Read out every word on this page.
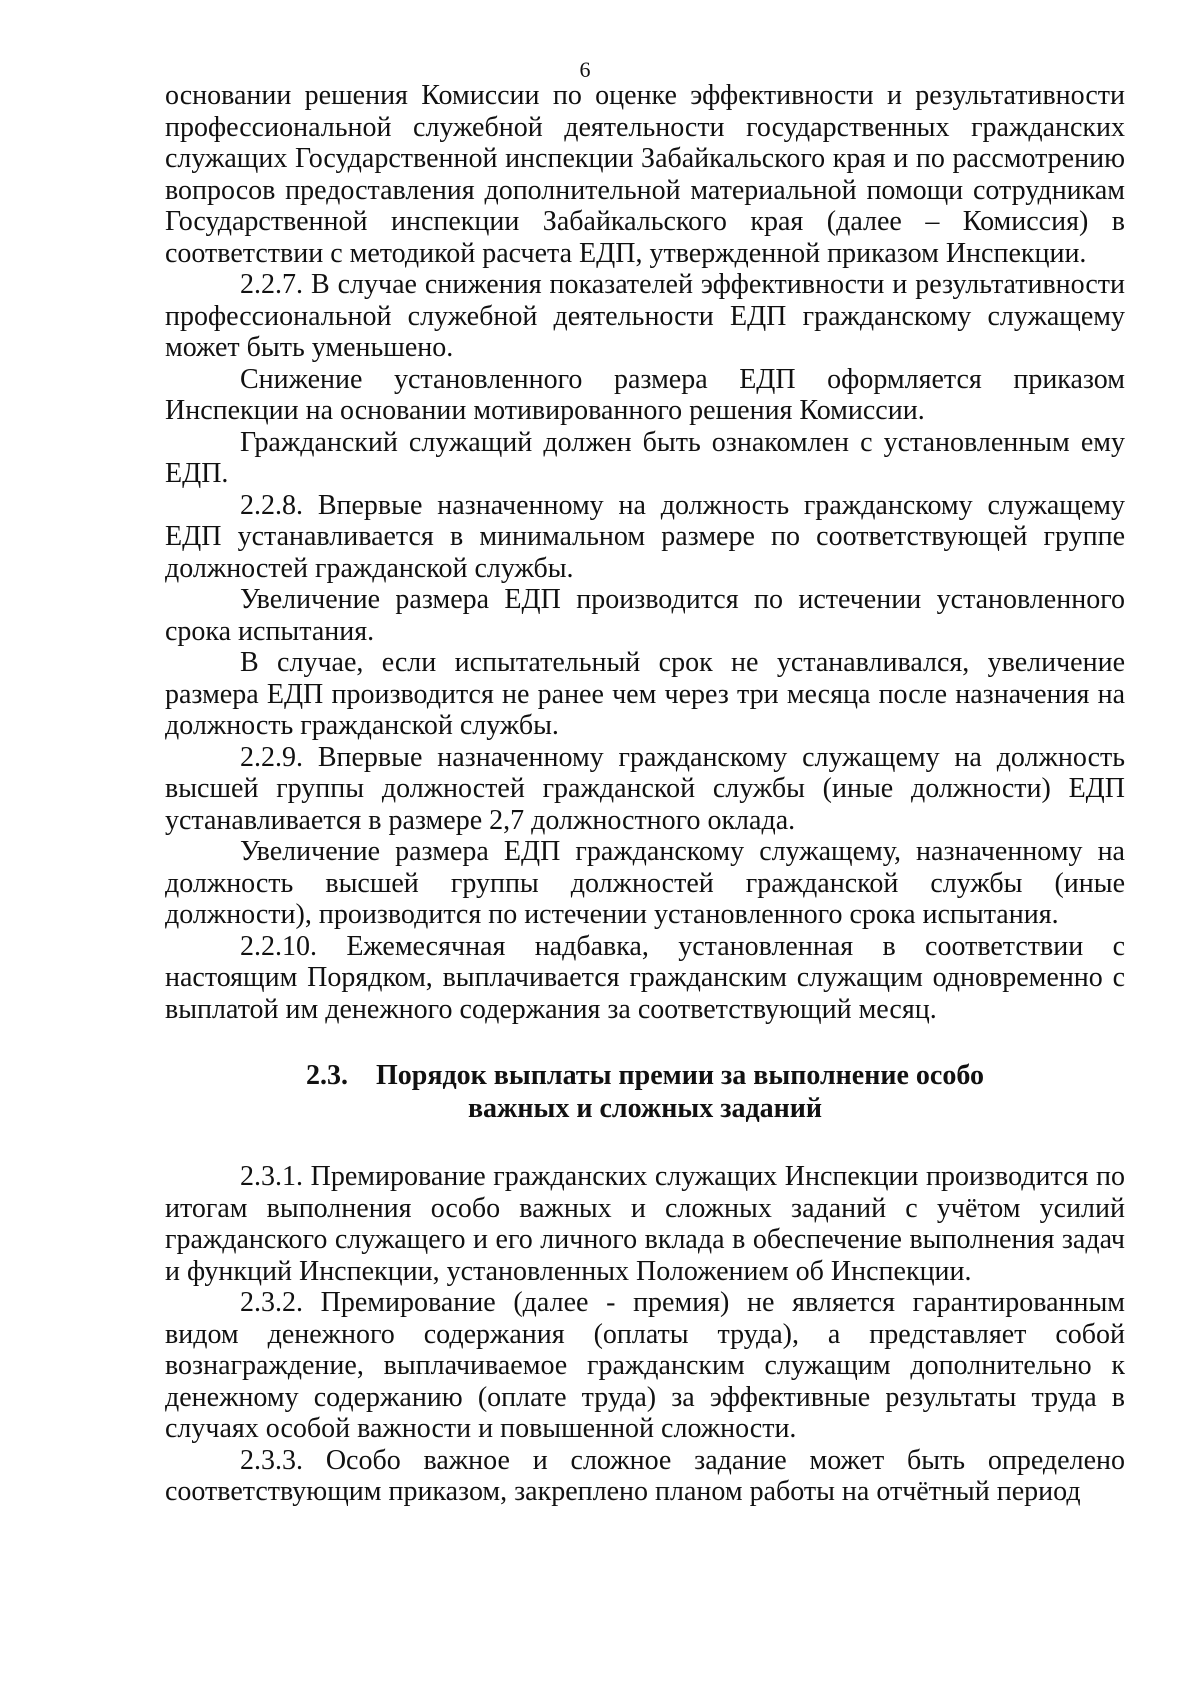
6

основании решения Комиссии по оценке эффективности и результативности профессиональной служебной деятельности государственных гражданских служащих Государственной инспекции Забайкальского края и по рассмотрению вопросов предоставления дополнительной материальной помощи сотрудникам Государственной инспекции Забайкальского края (далее – Комиссия) в соответствии с методикой расчета ЕДП, утвержденной приказом Инспекции.

2.2.7. В случае снижения показателей эффективности и результативности профессиональной служебной деятельности ЕДП гражданскому служащему может быть уменьшено.

Снижение установленного размера ЕДП оформляется приказом Инспекции на основании мотивированного решения Комиссии.

Гражданский служащий должен быть ознакомлен с установленным ему ЕДП.

2.2.8. Впервые назначенному на должность гражданскому служащему ЕДП устанавливается в минимальном размере по соответствующей группе должностей гражданской службы.

Увеличение размера ЕДП производится по истечении установленного срока испытания.

В случае, если испытательный срок не устанавливался, увеличение размера ЕДП производится не ранее чем через три месяца после назначения на должность гражданской службы.

2.2.9. Впервые назначенному гражданскому служащему на должность высшей группы должностей гражданской службы (иные должности) ЕДП устанавливается в размере 2,7 должностного оклада.

Увеличение размера ЕДП гражданскому служащему, назначенному на должность высшей группы должностей гражданской службы (иные должности), производится по истечении установленного срока испытания.

2.2.10. Ежемесячная надбавка, установленная в соответствии с настоящим Порядком, выплачивается гражданским служащим одновременно с выплатой им денежного содержания за соответствующий месяц.

2.3. Порядок выплаты премии за выполнение особо
важных и сложных заданий

2.3.1. Премирование гражданских служащих Инспекции производится по итогам выполнения особо важных и сложных заданий с учётом усилий гражданского служащего и его личного вклада в обеспечение выполнения задач и функций Инспекции, установленных Положением об Инспекции.

2.3.2. Премирование (далее - премия) не является гарантированным видом денежного содержания (оплаты труда), а представляет собой вознаграждение, выплачиваемое гражданским служащим дополнительно к денежному содержанию (оплате труда) за эффективные результаты труда в случаях особой важности и повышенной сложности.

2.3.3. Особо важное и сложное задание может быть определено соответствующим приказом, закреплено планом работы на отчётный период
